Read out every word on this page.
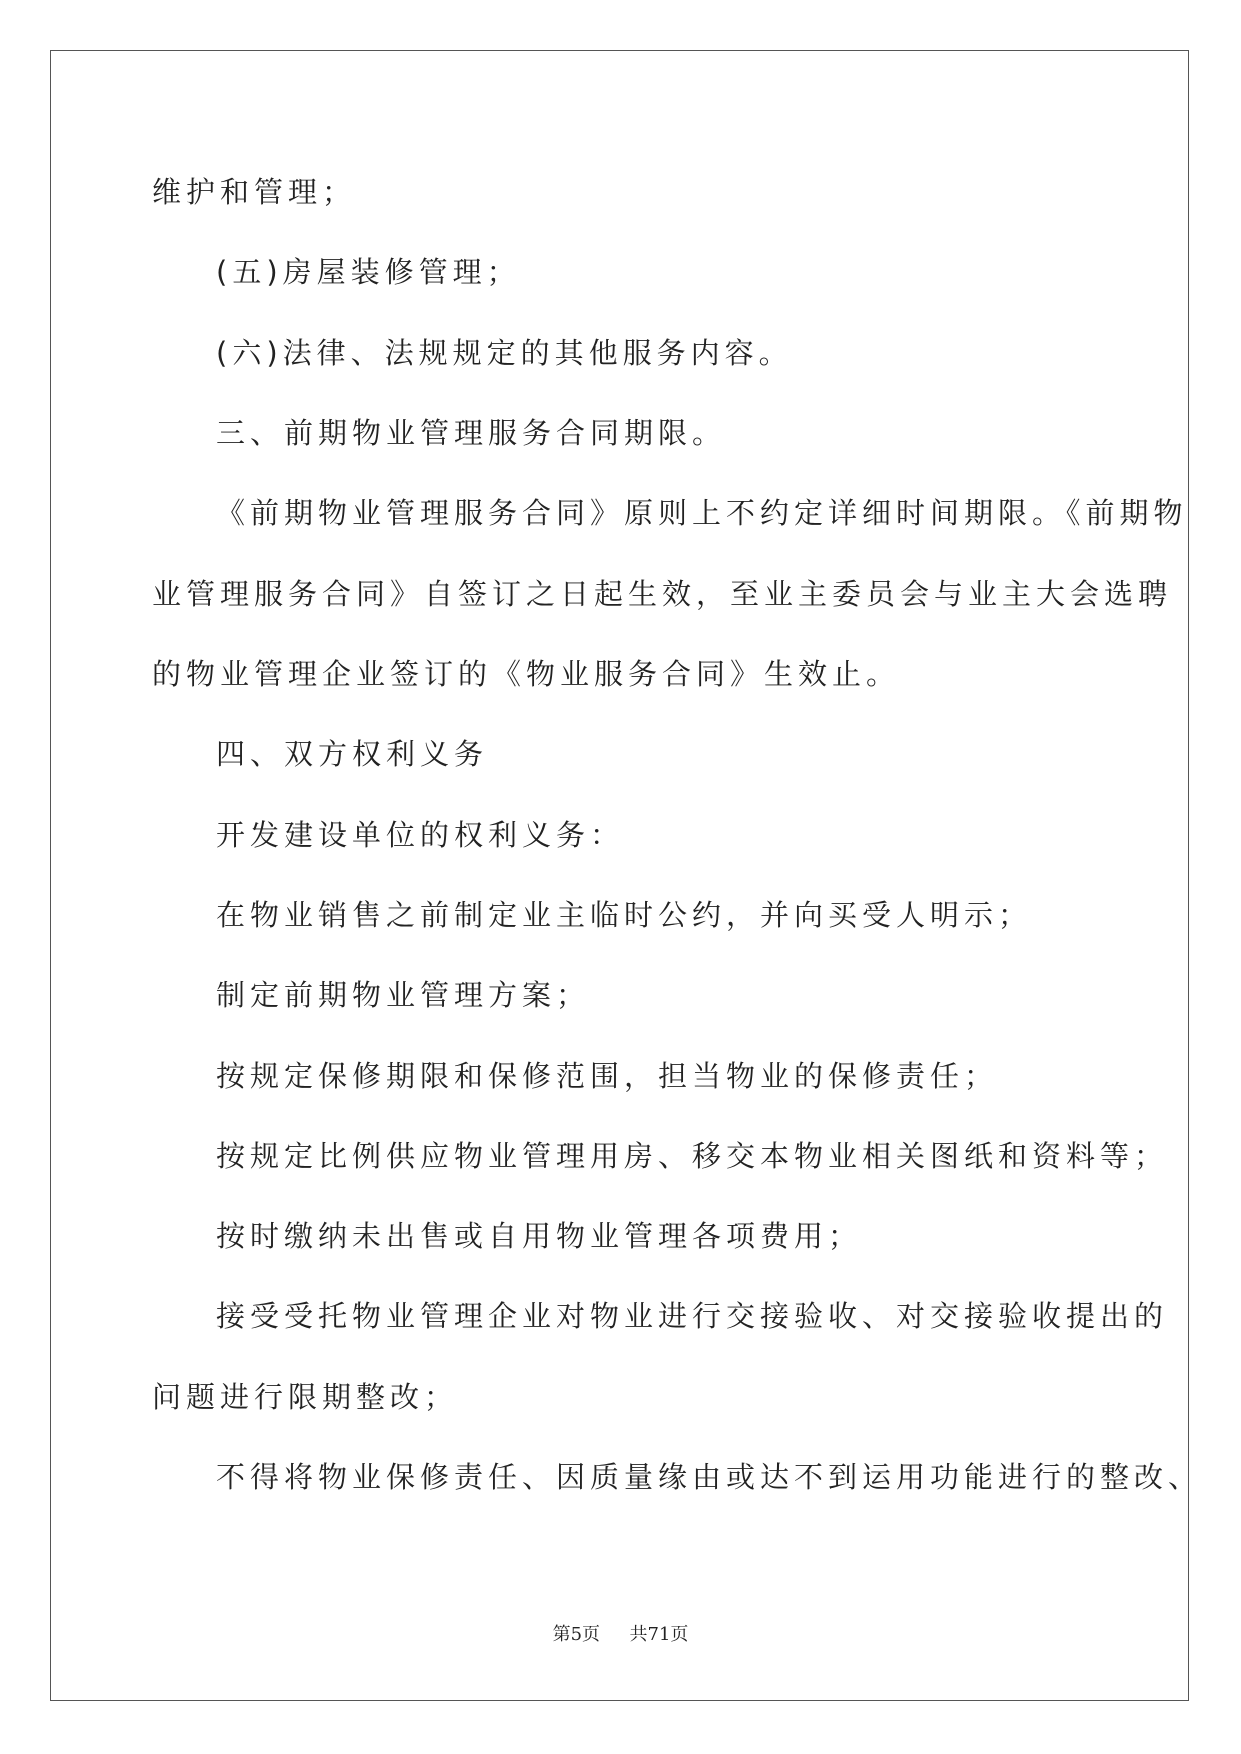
维护和管理；
(五)房屋装修管理；
(六)法律、法规规定的其他服务内容。
三、前期物业管理服务合同期限。
《前期物业管理服务合同》原则上不约定详细时间期限。《前期物
业管理服务合同》自签订之日起生效，至业主委员会与业主大会选聘
的物业管理企业签订的《物业服务合同》生效止。
四、双方权利义务
开发建设单位的权利义务：
在物业销售之前制定业主临时公约，并向买受人明示；
制定前期物业管理方案；
按规定保修期限和保修范围，担当物业的保修责任；
按规定比例供应物业管理用房、移交本物业相关图纸和资料等；
按时缴纳未出售或自用物业管理各项费用；
接受受托物业管理企业对物业进行交接验收、对交接验收提出的
问题进行限期整改；
不得将物业保修责任、因质量缘由或达不到运用功能进行的整改、
第5页 共71页
